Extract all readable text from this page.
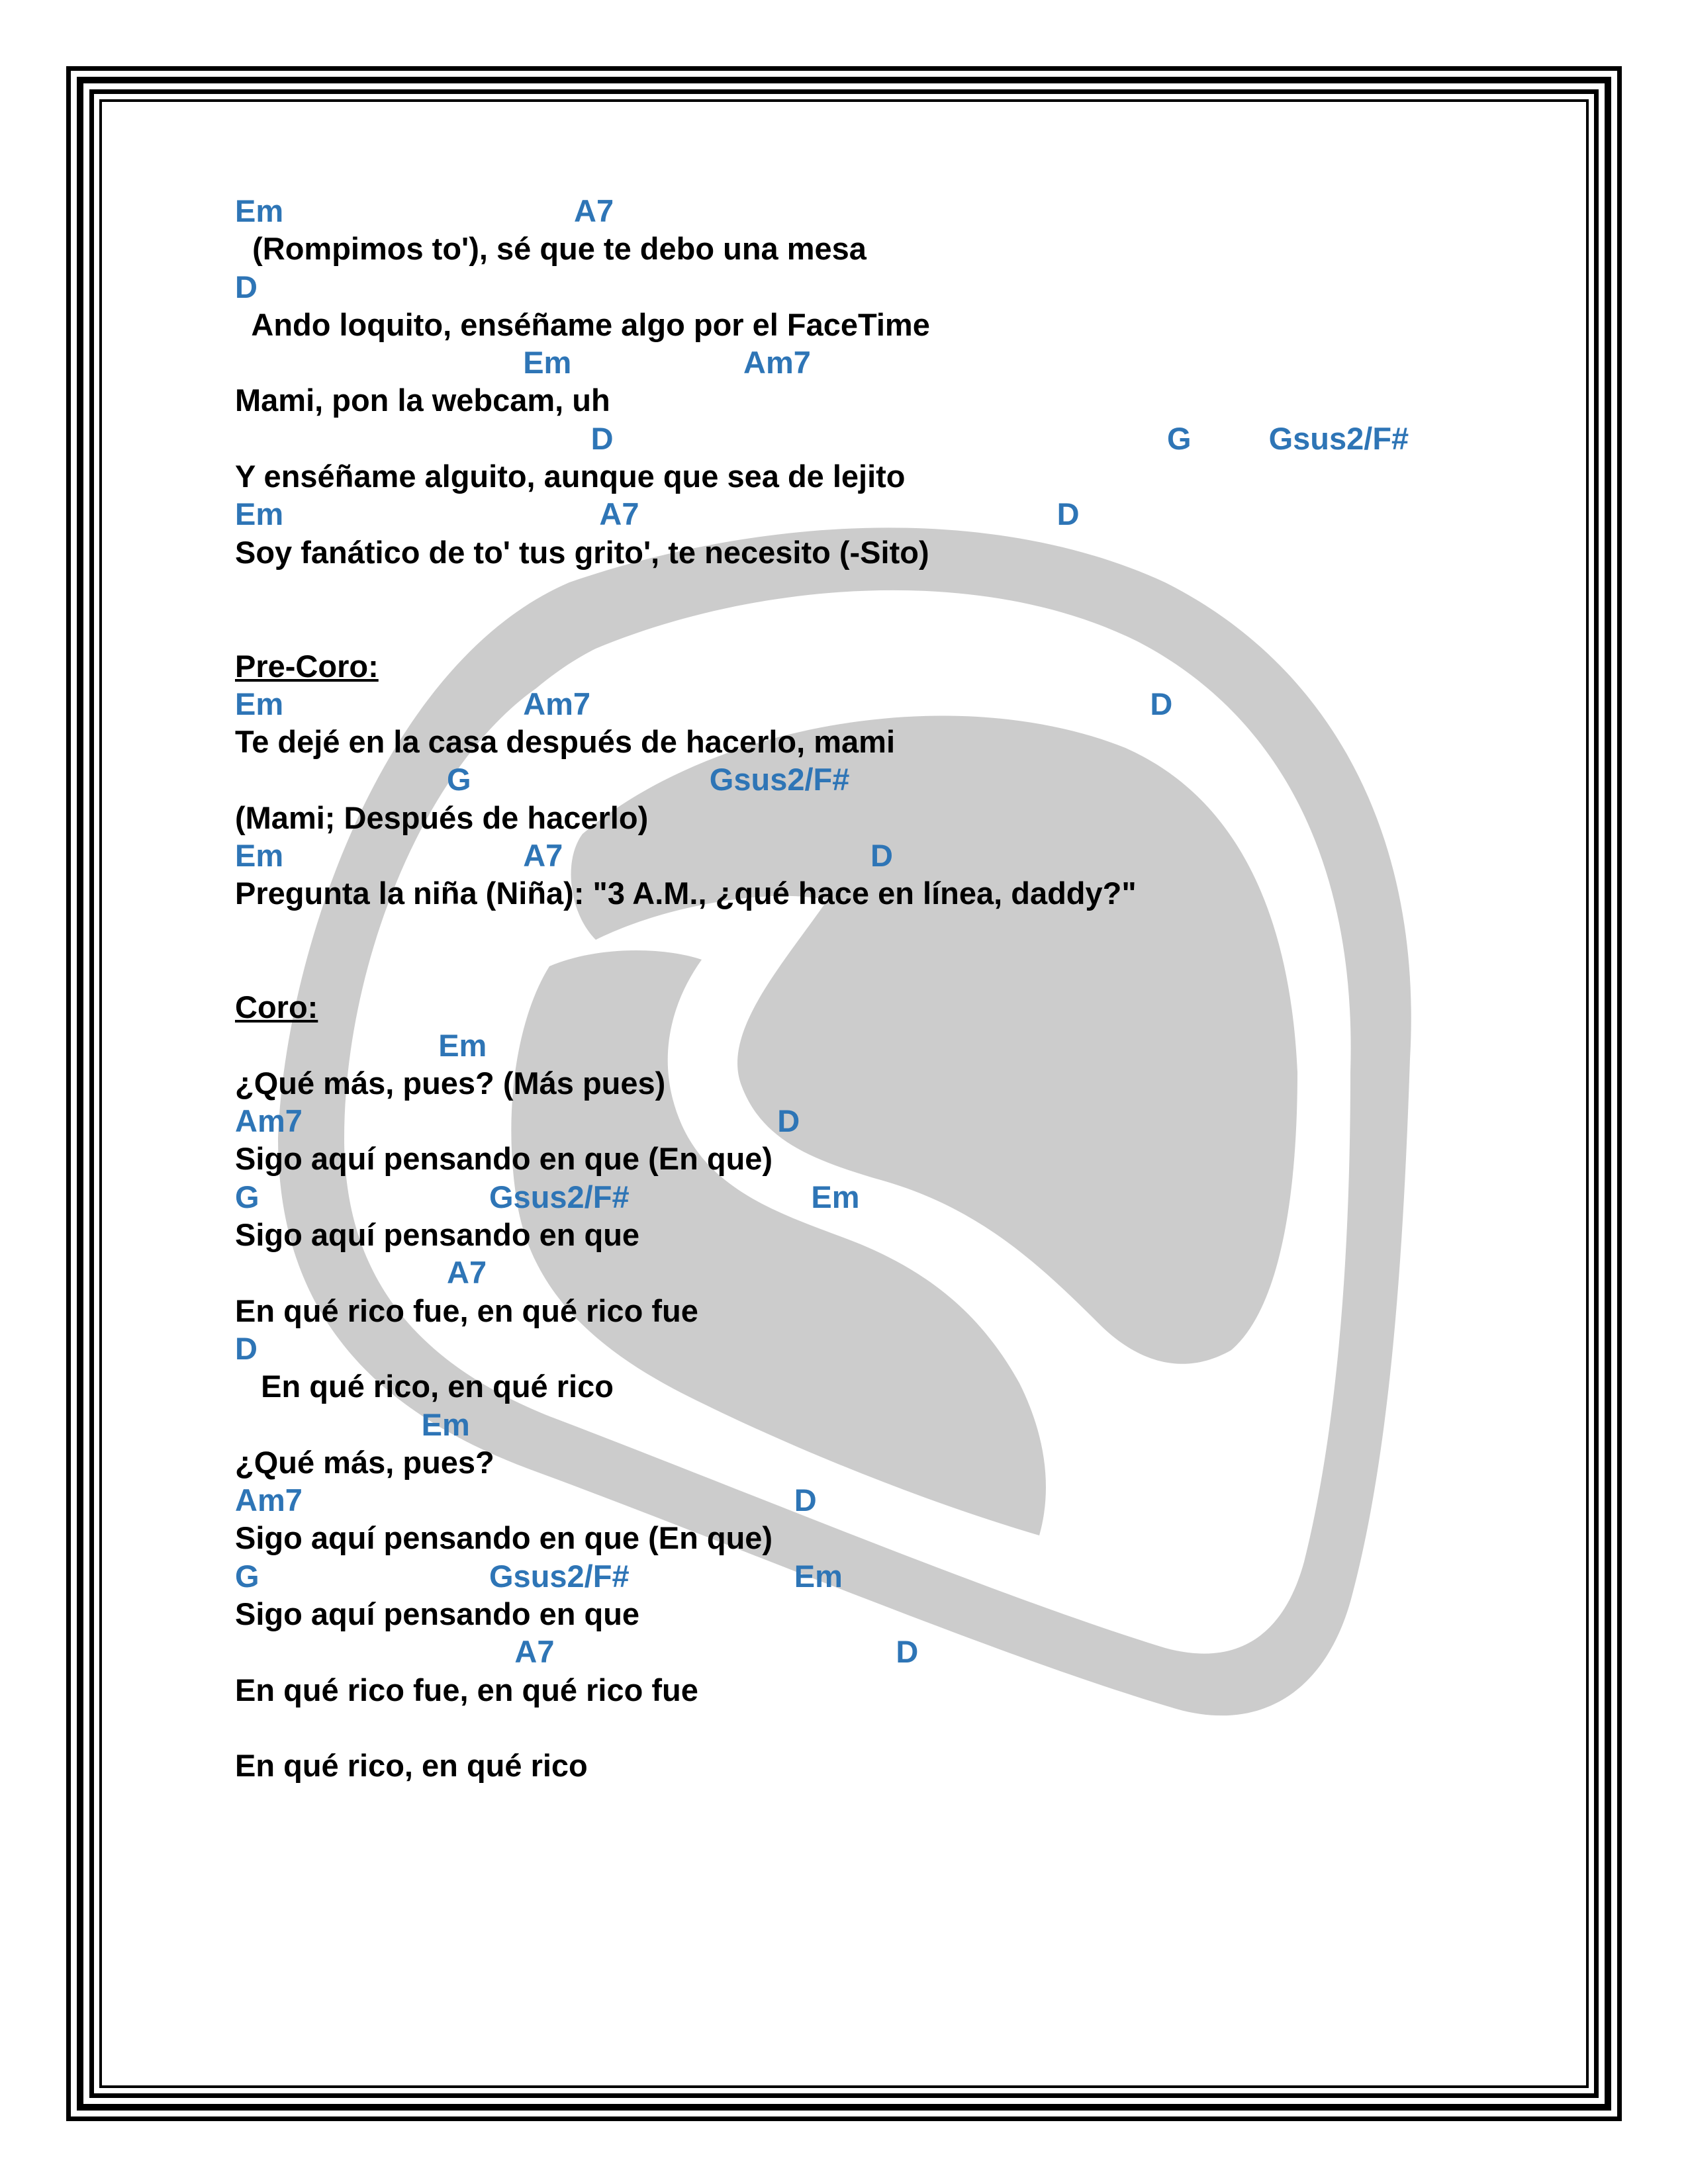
Em	A7
(Rompimos to'), sé que te debo una mesa
D
Ando loquito, enséñame algo por el FaceTime
Em	Am7
Mami, pon la webcam, uh
D	G Gsus2/F#
Y enséñame alguito, aunque que sea de lejito
Em	A7	D
Soy fanático de to' tus grito', te necesito (-Sito)
Pre-Coro:
Em	Am7	D
Te dejé en la casa después de hacerlo, mami
G	Gsus2/F#
(Mami; Después de hacerlo)
Em	A7	D
Pregunta la niña (Niña): "3 A.M., ¿qué hace en línea, daddy?"
Coro:
Em
¿Qué más, pues? (Más pues)
Am7	D
Sigo aquí pensando en que (En que)
G	Gsus2/F#	Em
Sigo aquí pensando en que
A7
En qué rico fue, en qué rico fue
D
En qué rico, en qué rico
Em
¿Qué más, pues?
Am7	D
Sigo aquí pensando en que (En que)
G	Gsus2/F#	Em
Sigo aquí pensando en que
A7	D
En qué rico fue, en qué rico fue
En qué rico, en qué rico
